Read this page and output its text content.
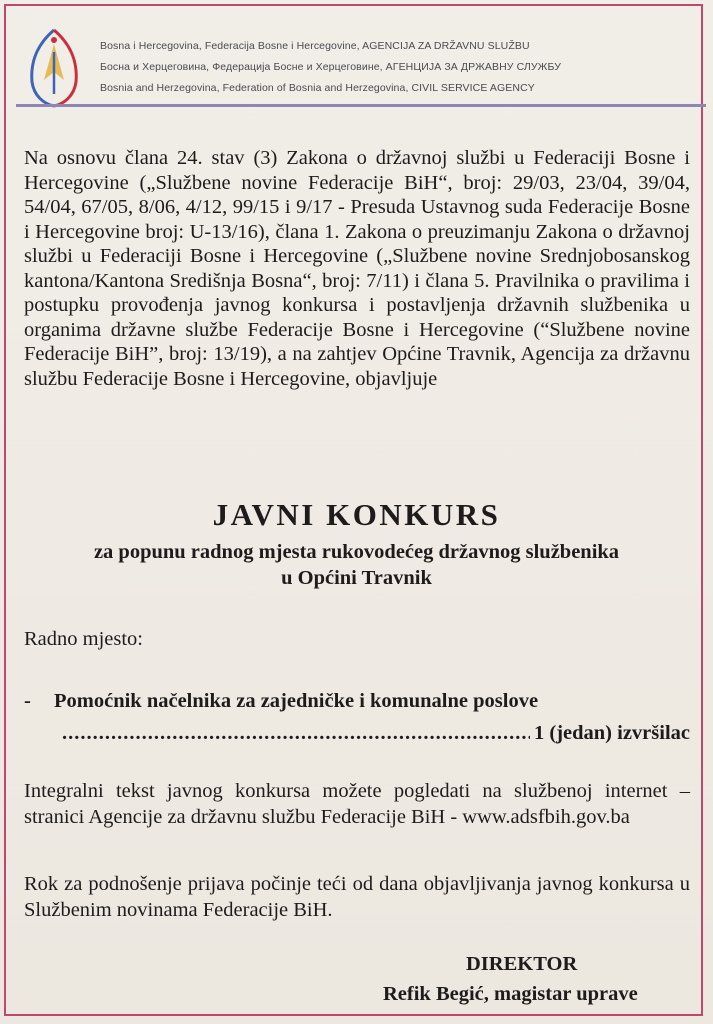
Bosna i Hercegovina, Federacija Bosne i Hercegovine, AGENCIJA ZA DRŽAVNU SLUŽBU
Босна и Херцеговина, Федерација Босне и Херцеговине, АГЕНЦИЈА ЗА ДРЖАВНУ СЛУЖБУ
Bosnia and Herzegovina, Federation of Bosnia and Herzegovina, CIVIL SERVICE AGENCY

Na osnovu člana 24. stav (3) Zakona o državnoj službi u Federaciji Bosne i Hercegovine („Službene novine Federacije BiH“, broj: 29/03, 23/04, 39/04, 54/04, 67/05, 8/06, 4/12, 99/15 i 9/17 - Presuda Ustavnog suda Federacije Bosne i Hercegovine broj: U-13/16), člana 1. Zakona o preuzimanju Zakona o državnoj službi u Federaciji Bosne i Hercegovine („Službene novine Srednjobosanskog kantona/Kantona Središnja Bosna“, broj: 7/11) i člana 5. Pravilnika o pravilima i postupku provođenja javnog konkursa i postavljenja državnih službenika u organima državne službe Federacije Bosne i Hercegovine (“Službene novine Federacije BiH”, broj: 13/19), a na zahtjev Općine Travnik, Agencija za državnu službu Federacije Bosne i Hercegovine, objavljuje

JAVNI KONKURS
za popunu radnog mjesta rukovodećeg državnog službenika
u Općini Travnik
Radno mjesto:
- Pomoćnik načelnika za zajedničke i komunalne poslove
.....
1 (jedan) izvršilac

Integralni tekst javnog konkursa možete pogledati na službenoj internet – stranici Agencije za državnu službu Federacije BiH - www.adsfbih.gov.ba

Rok za podnošenje prijava počinje teći od dana objavljivanja javnog konkursa u Službenim novinama Federacije BiH.

DIREKTOR
Refik Begić, magistar uprave
